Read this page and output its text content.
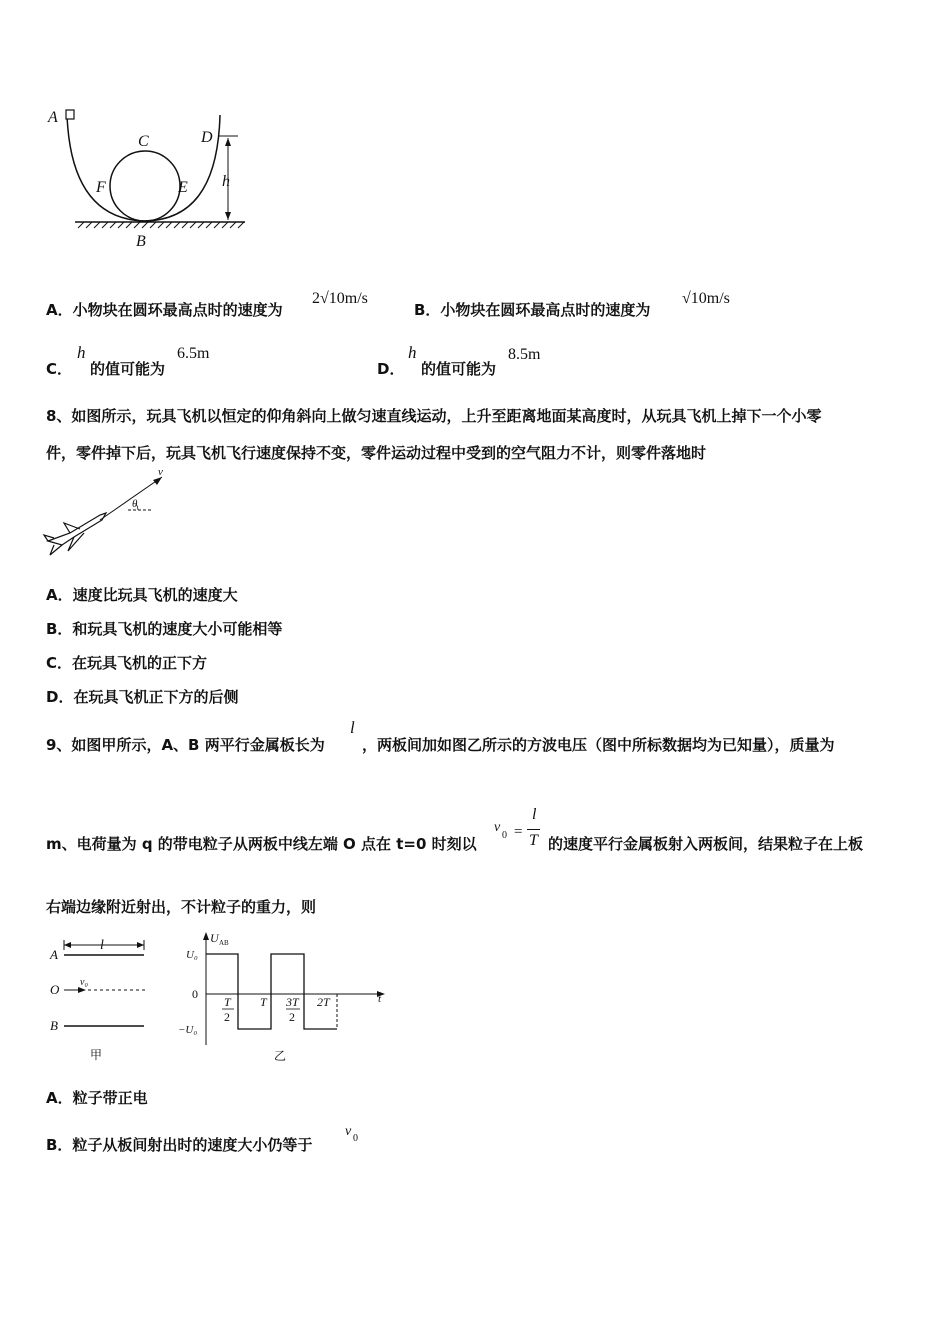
A
B
C	D
E
F	h
A．小物块在圆环最高点时的速度为
2√10m/s
B．小物块在圆环最高点时的速度为
√10m/s
C．
h
的值可能为
6.5m
D．
h
的值可能为
8.5m
8、如图所示，玩具飞机以恒定的仰角斜向上做匀速直线运动，上升至距离地面某高度时，从玩具飞机上掉下一个小零
件，零件掉下后，玩具飞机飞行速度保持不变，零件运动过程中受到的空气阻力不计，则零件落地时
v
θ
A．速度比玩具飞机的速度大
B．和玩具飞机的速度大小可能相等
C．在玩具飞机的正下方
D．在玩具飞机正下方的后侧
9、如图甲所示，A、B 两平行金属板长为
l
，两板间加如图乙所示的方波电压（图中所标数据均为已知量），质量为
m、电荷量为 q 的带电粒子从两板中线左端 O 点在 t=0 时刻以
v
0 =
l
T 的速度平行金属板射入两板间，结果粒子在上板
右端边缘附近射出，不计粒子的重力，则
A
O
B
l
v₀
甲
U AB
U₀
0
−U₀
t
T
2
T 3T
2
2T
乙
A．粒子带正电
B．粒子从板间射出时的速度大小仍等于
v 0
